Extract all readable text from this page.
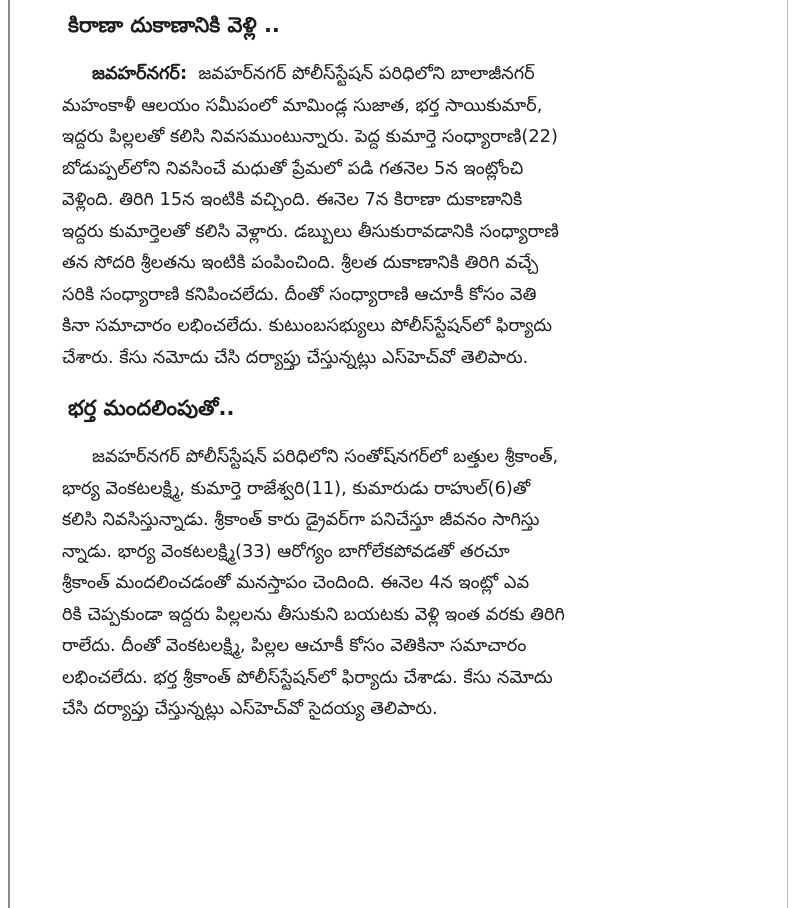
కిరాణా దుకాణానికి వెళ్లి ..
జవహర్‌నగర్‌: జవహర్‌నగర్‌ పోలీస్‌స్టేషన్‌ పరిధిలోని బాలాజీనగర్‌
మహంకాళీ ఆలయం సమీపంలో మామిండ్ల సుజాత, భర్త సాయికుమార్‌,
ఇద్దరు పిల్లలతో కలిసి నివసముంటున్నారు. పెద్ద కుమార్తె సంధ్యారాణి(22)
బోడుప్పల్‌లోని నివసించే మధుతో ప్రేమలో పడి గతనెల 5న ఇంట్లోంచి
వెళ్లింది. తిరిగి 15న ఇంటికి వచ్చింది. ఈనెల 7న కిరాణా దుకాణానికి
ఇద్దరు కుమార్తెలతో కలిసి వెళ్లారు. డబ్బులు తీసుకురావడానికి సంధ్యారాణి
తన సోదరి శ్రీలతను ఇంటికి పంపించింది. శ్రీలత దుకాణానికి తిరిగి వచ్చే
సరికి సంధ్యారాణి కనిపించలేదు. దీంతో సంధ్యారాణి ఆచూకీ కోసం వెతి
కినా సమాచారం లభించలేదు. కుటుంబసభ్యులు పోలీస్‌స్టేషన్‌లో ఫిర్యాదు
చేశారు. కేసు నమోదు చేసి దర్యాప్తు చేస్తున్నట్లు ఎస్‌హెచ్‌వో తెలిపారు.
భర్త మందలింపుతో..
జవహర్‌నగర్‌ పోలీస్‌స్టేషన్‌ పరిధిలోని సంతోష్‌నగర్‌లో బత్తుల శ్రీకాంత్‌,
భార్య వెంకటలక్ష్మి, కుమార్తె రాజేశ్వరి(11), కుమారుడు రాహుల్‌(6)తో
కలిసి నివసిస్తున్నాడు. శ్రీకాంత్‌ కారు డ్రైవర్‌గా పనిచేస్తూ జీవనం సాగిస్తు
న్నాడు. భార్య వెంకటలక్ష్మి(33) ఆరోగ్యం బాగోలేకపోవడతో తరచూ
శ్రీకాంత్‌ మందలించడంతో మనస్తాపం చెందింది. ఈనెల 4న ఇంట్లో ఎవ
రికి చెప్పకుండా ఇద్దరు పిల్లలను తీసుకుని బయటకు వెళ్లి ఇంత వరకు తిరిగి
రాలేదు. దీంతో వెంకటలక్ష్మి, పిల్లల ఆచూకీ కోసం వెతికినా సమాచారం
లభించలేదు. భర్త శ్రీకాంత్‌ పోలీస్‌స్టేషన్‌లో ఫిర్యాదు చేశాడు. కేసు నమోదు
చేసి దర్యాప్తు చేస్తున్నట్లు ఎస్‌హెచ్‌వో సైదయ్య తెలిపారు.
